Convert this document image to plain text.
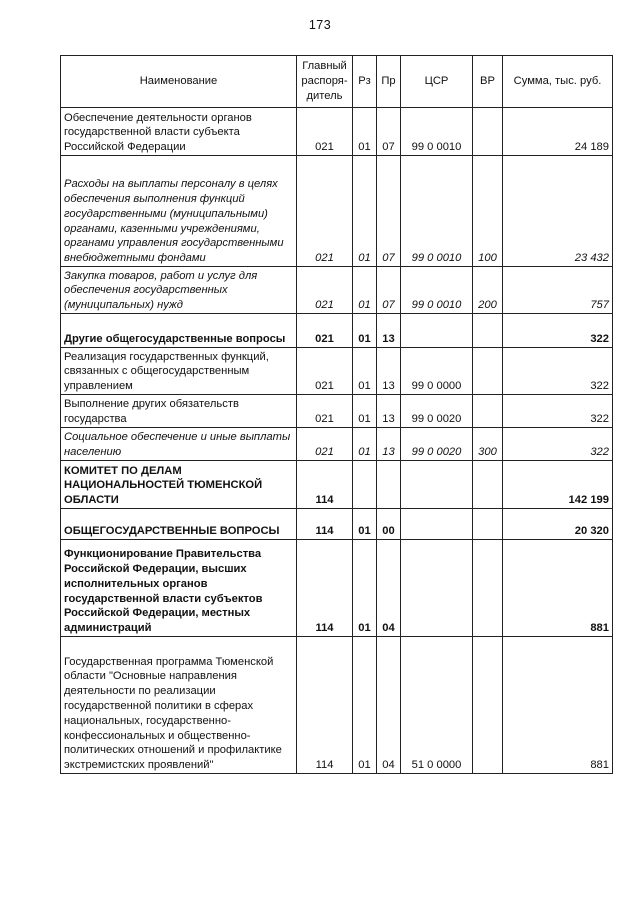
173
Наименование	Главный распоря-дитель	Рз	Пр	ЦСР	ВР	Сумма, тыс. руб.
Обеспечение деятельности органов государственной власти субъекта Российской Федерации	021	01	07	99 0 0010		24 189
Расходы на выплаты персоналу в целях обеспечения выполнения функций государственными (муниципальными) органами, казенными учреждениями, органами управления государственными внебюджетными фондами	021	01	07	99 0 0010	100	23 432
Закупка товаров, работ и услуг для обеспечения государственных (муниципальных) нужд	021	01	07	99 0 0010	200	757
Другие общегосударственные вопросы	021	01	13			322
Реализация государственных функций, связанных с общегосударственным управлением	021	01	13	99 0 0000		322
Выполнение других обязательств государства	021	01	13	99 0 0020		322
Социальное обеспечение и иные выплаты населению	021	01	13	99 0 0020	300	322
КОМИТЕТ ПО ДЕЛАМ НАЦИОНАЛЬНОСТЕЙ ТЮМЕНСКОЙ ОБЛАСТИ	114					142 199
ОБЩЕГОСУДАРСТВЕННЫЕ ВОПРОСЫ	114	01	00			20 320
Функционирование Правительства Российской Федерации, высших исполнительных органов государственной власти субъектов Российской Федерации, местных администраций	114	01	04			881
Государственная программа Тюменской области "Основные направления деятельности по реализации государственной политики в сферах национальных, государственно-конфессиональных и общественно-политических отношений и профилактике экстремистских проявлений"	114	01	04	51 0 0000		881
